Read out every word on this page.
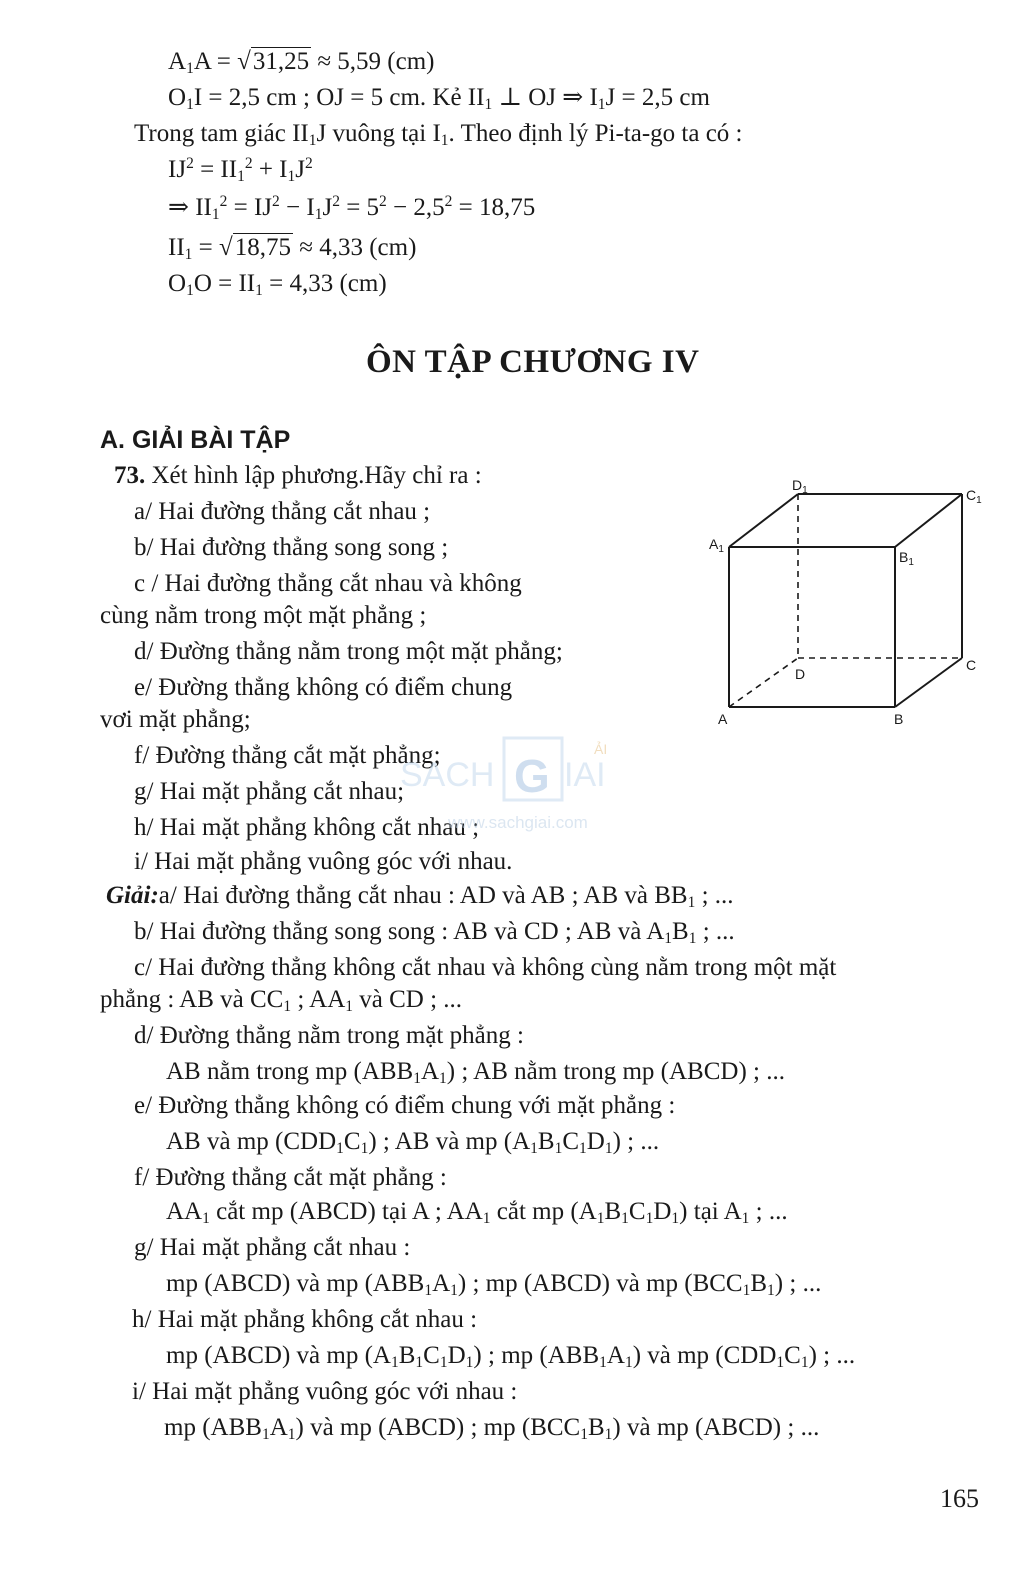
$A_1A = √31,25 \approx 5,59$ (cm)
$O_1I = 2,5$ cm ; OJ = 5 cm. Kẻ $II_1$ ⊥ OJ ⇒ $I_1J = 2,5$ cm
Trong tam giác $II_1J$ vuông tại $I_1$. Theo định lý Pi-ta-go ta có :
$IJ^2 = II_1^2 + I_1J^2$
⇒ $II_1^2 = IJ^2 - I_1J^2 = 5^2 - 2,5^2 = 18,75$
$II_1 = √18,75 \approx 4,33$ (cm)
$O_1O = II_1 = 4,33$ (cm)
ÔN TẬP CHƯƠNG IV
A. GIẢI BÀI TẬP
73. Xét hình lập phương.Hãy chỉ ra :
a/ Hai đường thẳng cắt nhau ;
b/ Hai đường thẳng song song ;
c / Hai đường thẳng cắt nhau và không
cùng nằm trong một mặt phẳng ;
d/ Đường thẳng nằm trong một mặt phẳng;
e/ Đường thẳng không có điểm chung
vơi mặt phẳng;
f/ Đường thẳng cắt mặt phẳng;
g/ Hai mặt phẳng cắt nhau;
h/ Hai mặt phẳng không cắt nhau ;
i/ Hai mặt phẳng vuông góc với nhau.
$D_1$	$C_1$
$A_1$	$B_1$
D
C
A	B
SACH G IAI
ẢI
www.sachgiai.com
Giải:a/ Hai đường thẳng cắt nhau : AD và AB ; AB và $BB_1$ ; ...
b/ Hai đường thẳng song song : AB và CD ; AB và $A_1B_1$ ; ...
c/ Hai đường thẳng không cắt nhau và không cùng nằm trong một mặt
phẳng : AB và $CC_1$ ; $AA_1$ và CD ; ...
d/ Đường thẳng nằm trong mặt phẳng :
AB nằm trong mp $(ABB_1A_1)$ ; AB nằm trong mp (ABCD) ; ...
e/ Đường thẳng không có điểm chung với mặt phẳng :
AB và mp $(CDD_1C_1)$ ; AB và mp $(A_1B_1C_1D_1)$ ; ...
f/ Đường thẳng cắt mặt phẳng :
$AA_1$ cắt mp (ABCD) tại A ; $AA_1$ cắt mp $(A_1B_1C_1D_1)$ tại $A_1$ ; ...
g/ Hai mặt phẳng cắt nhau :
mp (ABCD) và mp $(ABB_1A_1)$ ; mp (ABCD) và mp $(BCC_1B_1)$ ; ...
h/ Hai mặt phẳng không cắt nhau :
mp (ABCD) và mp $(A_1B_1C_1D_1)$ ; mp $(ABB_1A_1)$ và mp $(CDD_1C_1)$ ; ...
i/ Hai mặt phẳng vuông góc với nhau :
mp $(ABB_1A_1)$ và mp (ABCD) ; mp $(BCC_1B_1)$ và mp (ABCD) ; ...
165
